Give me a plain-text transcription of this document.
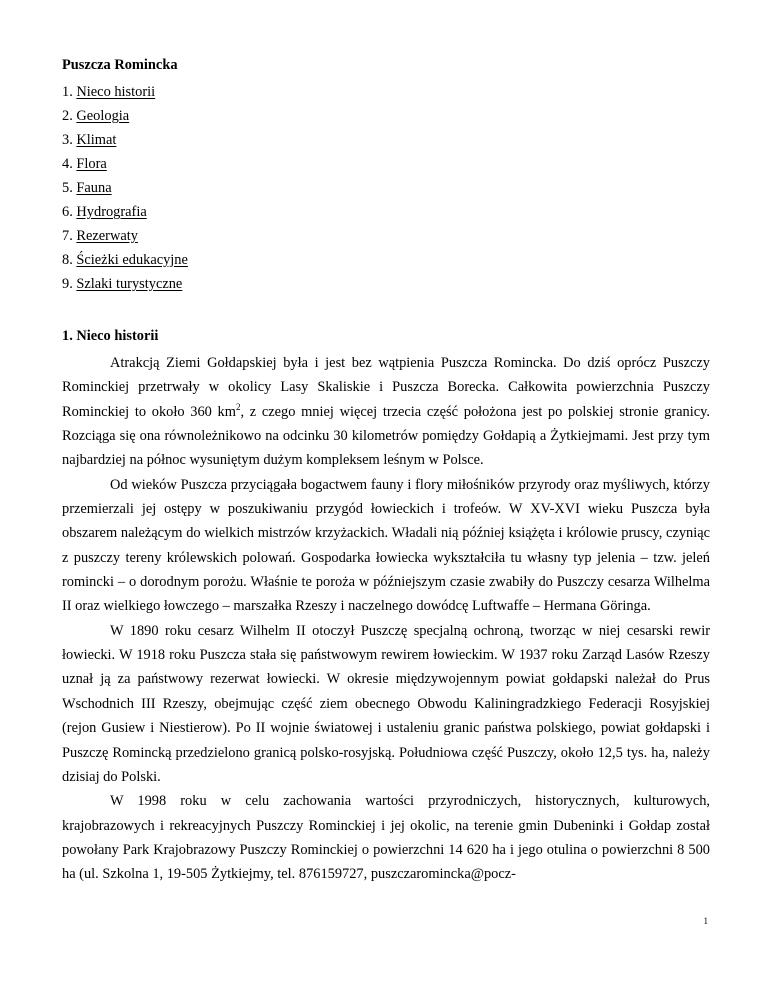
Puszcza Romincka

1. Nieco historii
2. Geologia
3. Klimat
4. Flora
5. Fauna
6. Hydrografia
7. Rezerwaty
8. Ścieżki edukacyjne
9. Szlaki turystyczne

1. Nieco historii

Atrakcją Ziemi Gołdapskiej była i jest bez wątpienia Puszcza Romincka. Do dziś oprócz Puszczy Rominckiej przetrwały w okolicy Lasy Skaliskie i Puszcza Borecka. Całkowita powierzchnia Puszczy Rominckiej to około 360 $km^2$, z czego mniej więcej trzecia część położona jest po polskiej stronie granicy. Rozciąga się ona równoleżnikowo na odcinku 30 kilometrów pomiędzy Gołdapią a Żytkiejmami. Jest przy tym najbardziej na północ wysuniętym dużym kompleksem leśnym w Polsce.

Od wieków Puszcza przyciągała bogactwem fauny i flory miłośników przyrody oraz myśliwych, którzy przemierzali jej ostępy w poszukiwaniu przygód łowieckich i trofeów. W XV-XVI wieku Puszcza była obszarem należącym do wielkich mistrzów krzyżackich. Władali nią później książęta i królowie pruscy, czyniąc z puszczy tereny królewskich polowań. Gospodarka łowiecka wykształciła tu własny typ jelenia – tzw. jeleń romincki – o dorodnym porożu. Właśnie te poroża w późniejszym czasie zwabiły do Puszczy cesarza Wilhelma II oraz wielkiego łowczego – marszałka Rzeszy i naczelnego dowódcę Luftwaffe – Hermana Göringa.

W 1890 roku cesarz Wilhelm II otoczył Puszczę specjalną ochroną, tworząc w niej cesarski rewir łowiecki. W 1918 roku Puszcza stała się państwowym rewirem łowieckim. W 1937 roku Zarząd Lasów Rzeszy uznał ją za państwowy rezerwat łowiecki. W okresie międzywojennym powiat gołdapski należał do Prus Wschodnich III Rzeszy, obejmując część ziem obecnego Obwodu Kaliningradzkiego Federacji Rosyjskiej (rejon Gusiew i Niestierow). Po II wojnie światowej i ustaleniu granic państwa polskiego, powiat gołdapski i Puszczę Romincką przedzielono granicą polsko-rosyjską. Południowa część Puszczy, około 12,5 tys. ha, należy dzisiaj do Polski.

W 1998 roku w celu zachowania wartości przyrodniczych, historycznych, kulturowych, krajobrazowych i rekreacyjnych Puszczy Rominckiej i jej okolic, na terenie gmin Dubeninki i Gołdap został powołany Park Krajobrazowy Puszczy Rominckiej o powierzchni 14 620 ha i jego otulina o powierzchni 8 500 ha (ul. Szkolna 1, 19-505 Żytkiejmy, tel. 876159727, puszczaromincka@pocz-

1
